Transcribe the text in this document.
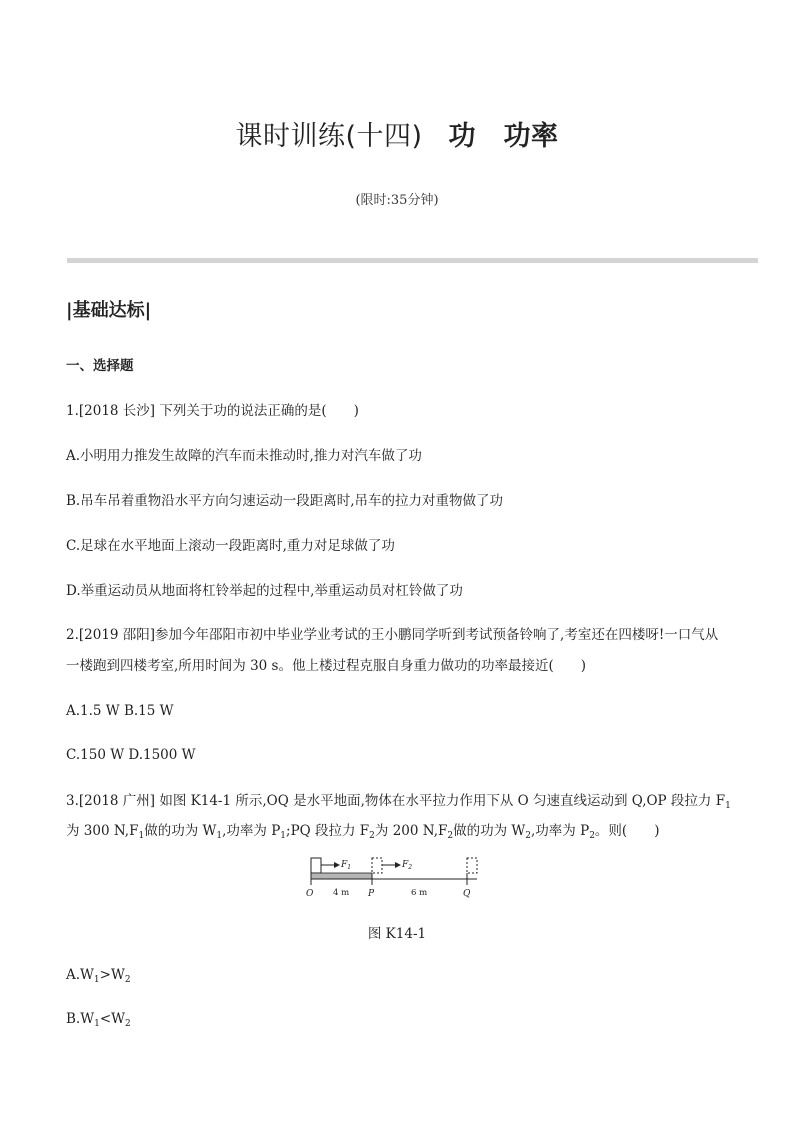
课时训练(十四) 功　功率
(限时:35分钟)
|基础达标|
一、选择题
1.[2018 长沙] 下列关于功的说法正确的是(　　)
A.小明用力推发生故障的汽车而未推动时,推力对汽车做了功
B.吊车吊着重物沿水平方向匀速运动一段距离时,吊车的拉力对重物做了功
C.足球在水平地面上滚动一段距离时,重力对足球做了功
D.举重运动员从地面将杠铃举起的过程中,举重运动员对杠铃做了功
2.[2019 邵阳]参加今年邵阳市初中毕业学业考试的王小鹏同学听到考试预备铃响了,考室还在四楼呀!一口气从
一楼跑到四楼考室,所用时间为 30 s。他上楼过程克服自身重力做功的功率最接近(　　)
A.1.5 W B.15 W
C.150 W D.1500 W
3.[2018 广州] 如图 K14-1 所示,OQ 是水平地面,物体在水平拉力作用下从 O 匀速直线运动到 Q,OP 段拉力 $F_1$
为 300 $N,F_1$做的功为 $W_1$,功率为 $P_1;PQ$ 段拉力 $F_2$为 200 $N,F_2$做的功为 $W_2$,功率为 $P_2$。则(　　)
$F_1$	$F_2$
O	P	Q
4 m	6 m
图 K14-1
$A.W_1>W_2$
$B.W_1<W_2$
